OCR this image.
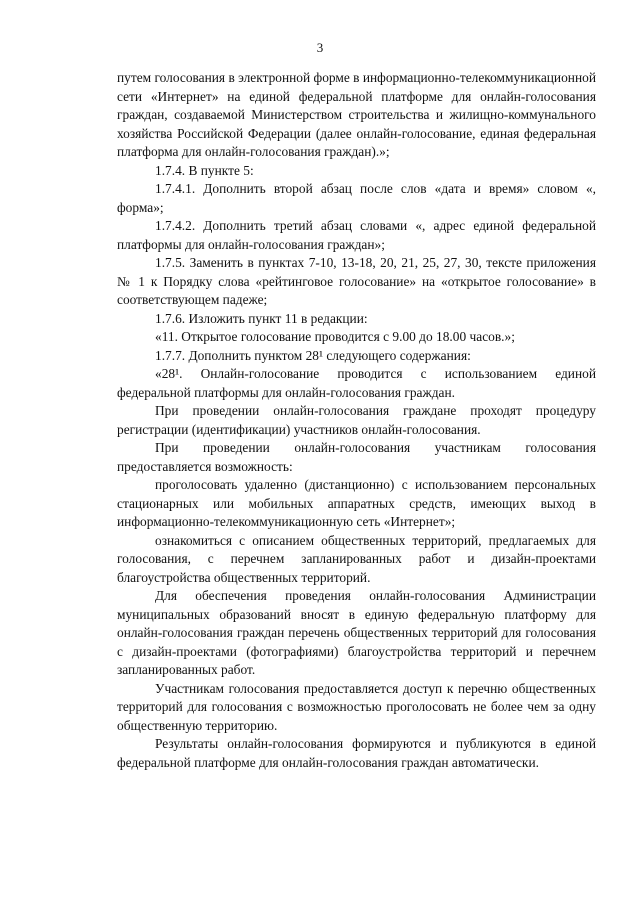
3

путем голосования в электронной форме в информационно-телекоммуникационной сети «Интернет» на единой федеральной платформе для онлайн-голосования граждан, создаваемой Министерством строительства и жилищно-коммунального хозяйства Российской Федерации (далее онлайн-голосование, единая федеральная платформа для онлайн-голосования граждан).»;

1.7.4. В пункте 5:

1.7.4.1. Дополнить второй абзац после слов «дата и время» словом «, форма»;

1.7.4.2. Дополнить третий абзац словами «, адрес единой федеральной платформы для онлайн-голосования граждан»;

1.7.5. Заменить в пунктах 7-10, 13-18, 20, 21, 25, 27, 30, тексте приложения № 1 к Порядку слова «рейтинговое голосование» на «открытое голосование» в соответствующем падеже;

1.7.6. Изложить пункт 11 в редакции:

«11. Открытое голосование проводится с 9.00 до 18.00 часов.»;

1.7.7. Дополнить пунктом 28¹ следующего содержания:

«28¹. Онлайн-голосование проводится с использованием единой федеральной платформы для онлайн-голосования граждан.

При проведении онлайн-голосования граждане проходят процедуру регистрации (идентификации) участников онлайн-голосования.

При проведении онлайн-голосования участникам голосования предоставляется возможность:

проголосовать удаленно (дистанционно) с использованием персональных стационарных или мобильных аппаратных средств, имеющих выход в информационно-телекоммуникационную сеть «Интернет»;

ознакомиться с описанием общественных территорий, предлагаемых для голосования, с перечнем запланированных работ и дизайн-проектами благоустройства общественных территорий.

Для обеспечения проведения онлайн-голосования Администрации муниципальных образований вносят в единую федеральную платформу для онлайн-голосования граждан перечень общественных территорий для голосования с дизайн-проектами (фотографиями) благоустройства территорий и перечнем запланированных работ.

Участникам голосования предоставляется доступ к перечню общественных территорий для голосования с возможностью проголосовать не более чем за одну общественную территорию.

Результаты онлайн-голосования формируются и публикуются в единой федеральной платформе для онлайн-голосования граждан автоматически.
